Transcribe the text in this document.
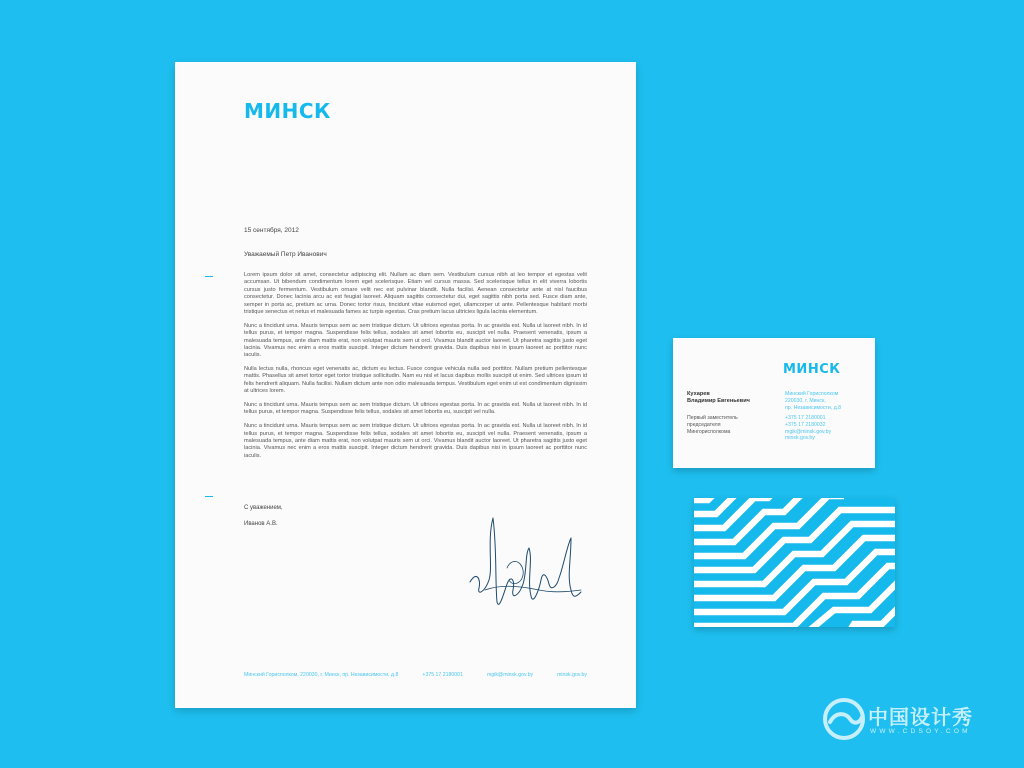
МИНСК
15 сентября, 2012
Уважаемый Петр Иванович

Lorem ipsum dolor sit amet, consectetur adipiscing elit. Nullam ac diam sem. Vestibulum cursus nibh at leo tempor et egestas velit accumsan. Ut bibendum condimentum lorem eget scelerisque. Etiam vel cursus massa. Sed scelerisque tellus in elit viverra lobortis cursus justo fermentum. Vestibulum ornare velit nec est pulvinar blandit. Nulla facilisi. Aenean consectetur ante at nisl faucibus consectetur. Donec lacinia arcu ac est feugiat laoreet. Aliquam sagittis consectetur dui, eget sagittis nibh porta sed. Fusce diam ante, semper in porta ac, pretium ac urna. Donec tortor risus, tincidunt vitae euismod eget, ullamcorper ut ante. Pellentesque habitant morbi tristique senectus et netus et malesuada fames ac turpis egestas. Cras pretium lacus ultricies ligula lacinia elementum.

Nunc a tincidunt urna. Mauris tempus sem ac sem tristique dictum. Ut ultrices egestas porta. In ac gravida est. Nulla ut laoreet nibh. In id tellus purus, et tempor magna. Suspendisse felis tellus, sodales sit amet lobortis eu, suscipit vel nulla. Praesent venenatis, ipsum a malesuada tempus, ante diam mattis erat, non volutpat mauris sem ut orci. Vivamus blandit auctor laoreet. Ut pharetra sagittis justo eget lacinia. Vivamus nec enim a eros mattis suscipit. Integer dictum hendrerit gravida. Duis dapibus nisi in ipsum laoreet ac porttitor nunc iaculis.

Nulla lectus nulla, rhoncus eget venenatis ac, dictum eu lectus. Fusce congue vehicula nulla sed porttitor. Nullam pretium pellentesque mattis. Phasellus sit amet tortor eget tortor tristique sollicitudin. Nam eu nisl et lacus dapibus mollis suscipit ut enim. Sed ultrices ipsum id felis hendrerit aliquam. Nulla facilisi. Nullam dictum ante non odio malesuada tempus. Vestibulum eget enim ut est condimentum dignissim at ultrices lorem.

Nunc a tincidunt urna. Mauris tempus sem ac sem tristique dictum. Ut ultrices egestas porta. In ac gravida est. Nulla ut laoreet nibh. In id tellus purus, et tempor magna. Suspendisse felis tellus, sodales sit amet lobortis eu, suscipit vel nulla.

Nunc a tincidunt urna. Mauris tempus sem ac sem tristique dictum. Ut ultrices egestas porta. In ac gravida est. Nulla ut laoreet nibh. In id tellus purus, et tempor magna. Suspendisse felis tellus, sodales sit amet lobortis eu, suscipit vel nulla. Praesent venenatis, ipsum a malesuada tempus, ante diam mattis erat, non volutpat mauris sem ut orci. Vivamus blandit auctor laoreet. Ut pharetra sagittis justo eget lacinia. Vivamus nec enim a eros mattis suscipit. Integer dictum hendrerit gravida. Duis dapibus nisi in ipsum laoreet ac porttitor nunc iaculis.

С уважением,
Иванов А.В.
Минский Горисполком, 220030, г. Минск, пр. Независимости, д.8	+375 17 2180001	mgik@minsk.gov.by	minsk.gov.by
МИНСК
Кухарев
Владимир Евгеньевич
Первый заместитель
председателя
Мингорисполкома
Минский Горисполком
220030, г. Минск,
пр. Независимости, д.8
+375 17 2180001
+375 17 2180032
mgik@minsk.gov.by
minsk.gov.by
中国设计秀
WWW.CDSOY.COM
